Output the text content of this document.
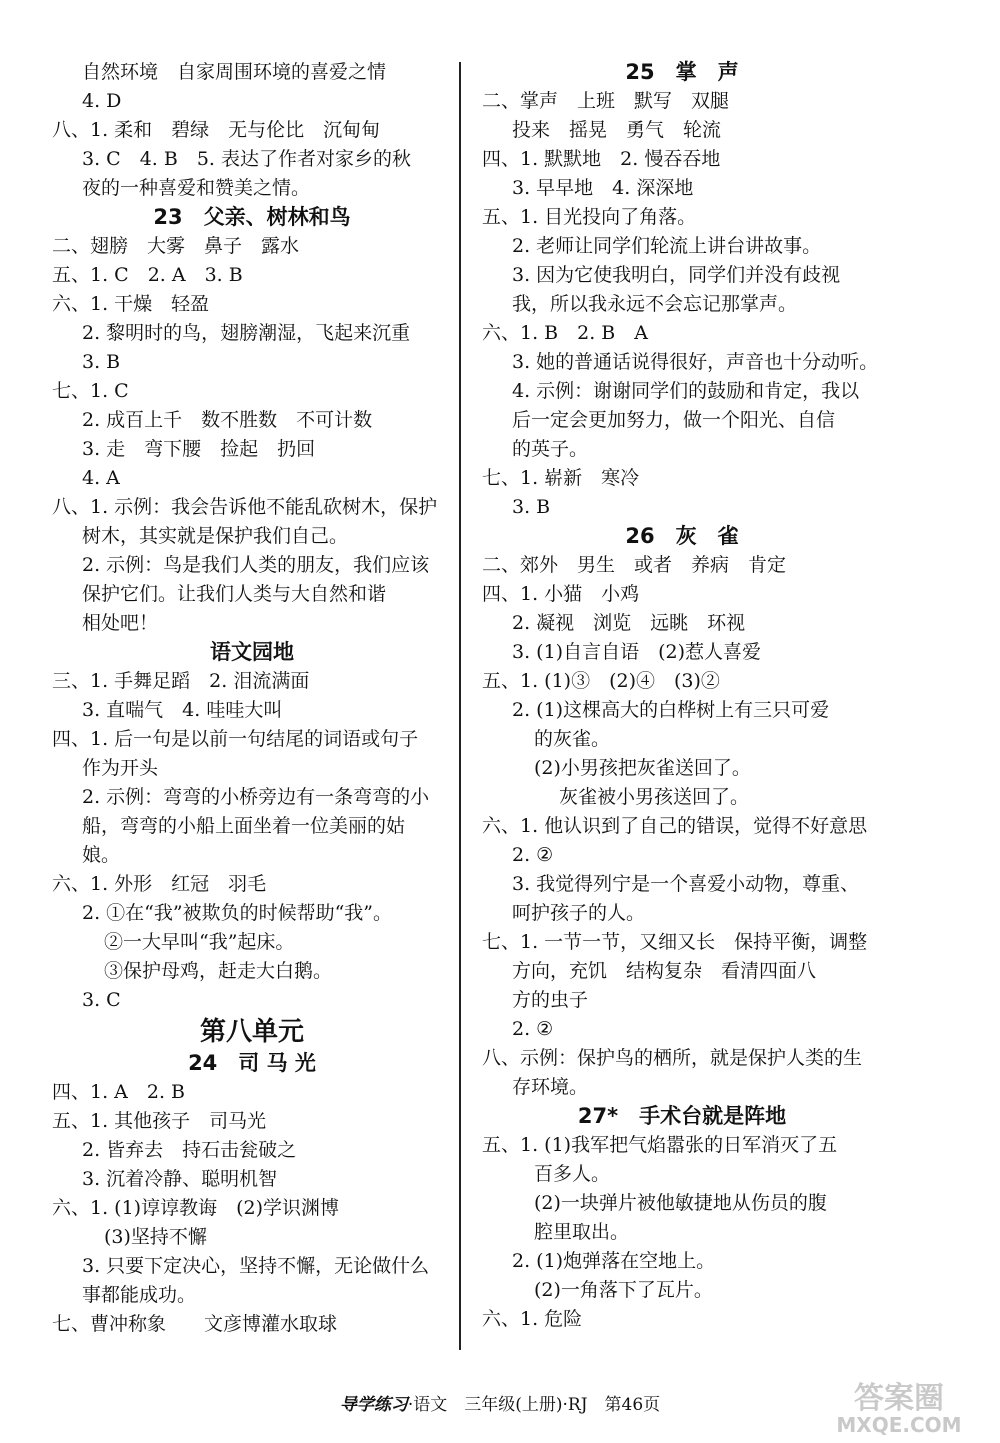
自然环境　自家周围环境的喜爱之情
4. D
八、1. 柔和　碧绿　无与伦比　沉甸甸
3. C　4. B　5. 表达了作者对家乡的秋
夜的一种喜爱和赞美之情。
23　父亲、树林和鸟
二、翅膀　大雾　鼻子　露水
五、1. C　2. A　3. B
六、1. 干燥　轻盈
2. 黎明时的鸟，翅膀潮湿，飞起来沉重
3. B
七、1. C
2. 成百上千　数不胜数　不可计数
3. 走　弯下腰　捡起　扔回
4. A
八、1. 示例：我会告诉他不能乱砍树木，保护
树木，其实就是保护我们自己。
2. 示例：鸟是我们人类的朋友，我们应该
保护它们。让我们人类与大自然和谐
相处吧！
语文园地
三、1. 手舞足蹈　2. 泪流满面
3. 直喘气　4. 哇哇大叫
四、1. 后一句是以前一句结尾的词语或句子
作为开头
2. 示例：弯弯的小桥旁边有一条弯弯的小
船，弯弯的小船上面坐着一位美丽的姑
娘。
六、1. 外形　红冠　羽毛
2. ①在“我”被欺负的时候帮助“我”。
②一大早叫“我”起床。
③保护母鸡，赶走大白鹅。
3. C
第八单元
24　司 马 光
四、1. A　2. B
五、1. 其他孩子　司马光
2. 皆弃去　持石击瓮破之
3. 沉着冷静、聪明机智
六、1. (1)谆谆教诲　(2)学识渊博
(3)坚持不懈
3. 只要下定决心，坚持不懈，无论做什么
事都能成功。
七、曹冲称象　　文彦博灌水取球
25　掌　声
二、掌声　上班　默写　双腿
投来　摇晃　勇气　轮流
四、1. 默默地　2. 慢吞吞地
3. 早早地　4. 深深地
五、1. 目光投向了角落。
2. 老师让同学们轮流上讲台讲故事。
3. 因为它使我明白，同学们并没有歧视
我，所以我永远不会忘记那掌声。
六、1. B　2. B　A
3. 她的普通话说得很好，声音也十分动听。
4. 示例：谢谢同学们的鼓励和肯定，我以
后一定会更加努力，做一个阳光、自信
的英子。
七、1. 崭新　寒冷
3. B
26　灰　雀
二、郊外　男生　或者　养病　肯定
四、1. 小猫　小鸡
2. 凝视　浏览　远眺　环视
3. (1)自言自语　(2)惹人喜爱
五、1. (1)③　(2)④　(3)②
2. (1)这棵高大的白桦树上有三只可爱
的灰雀。
(2)小男孩把灰雀送回了。
　 灰雀被小男孩送回了。
六、1. 他认识到了自己的错误，觉得不好意思
2. ②
3. 我觉得列宁是一个喜爱小动物，尊重、
呵护孩子的人。
七、1. 一节一节，又细又长　保持平衡，调整
方向，充饥　结构复杂　看清四面八
方的虫子
2. ②
八、示例：保护鸟的栖所，就是保护人类的生
存环境。
27*　手术台就是阵地
五、1. (1)我军把气焰嚣张的日军消灭了五
百多人。
(2)一块弹片被他敏捷地从伤员的腹
腔里取出。
2. (1)炮弹落在空地上。
(2)一角落下了瓦片。
六、1. 危险
导学练习·语文　三年级(上册)·RJ　第46页	答案圈
MXQE.COM
